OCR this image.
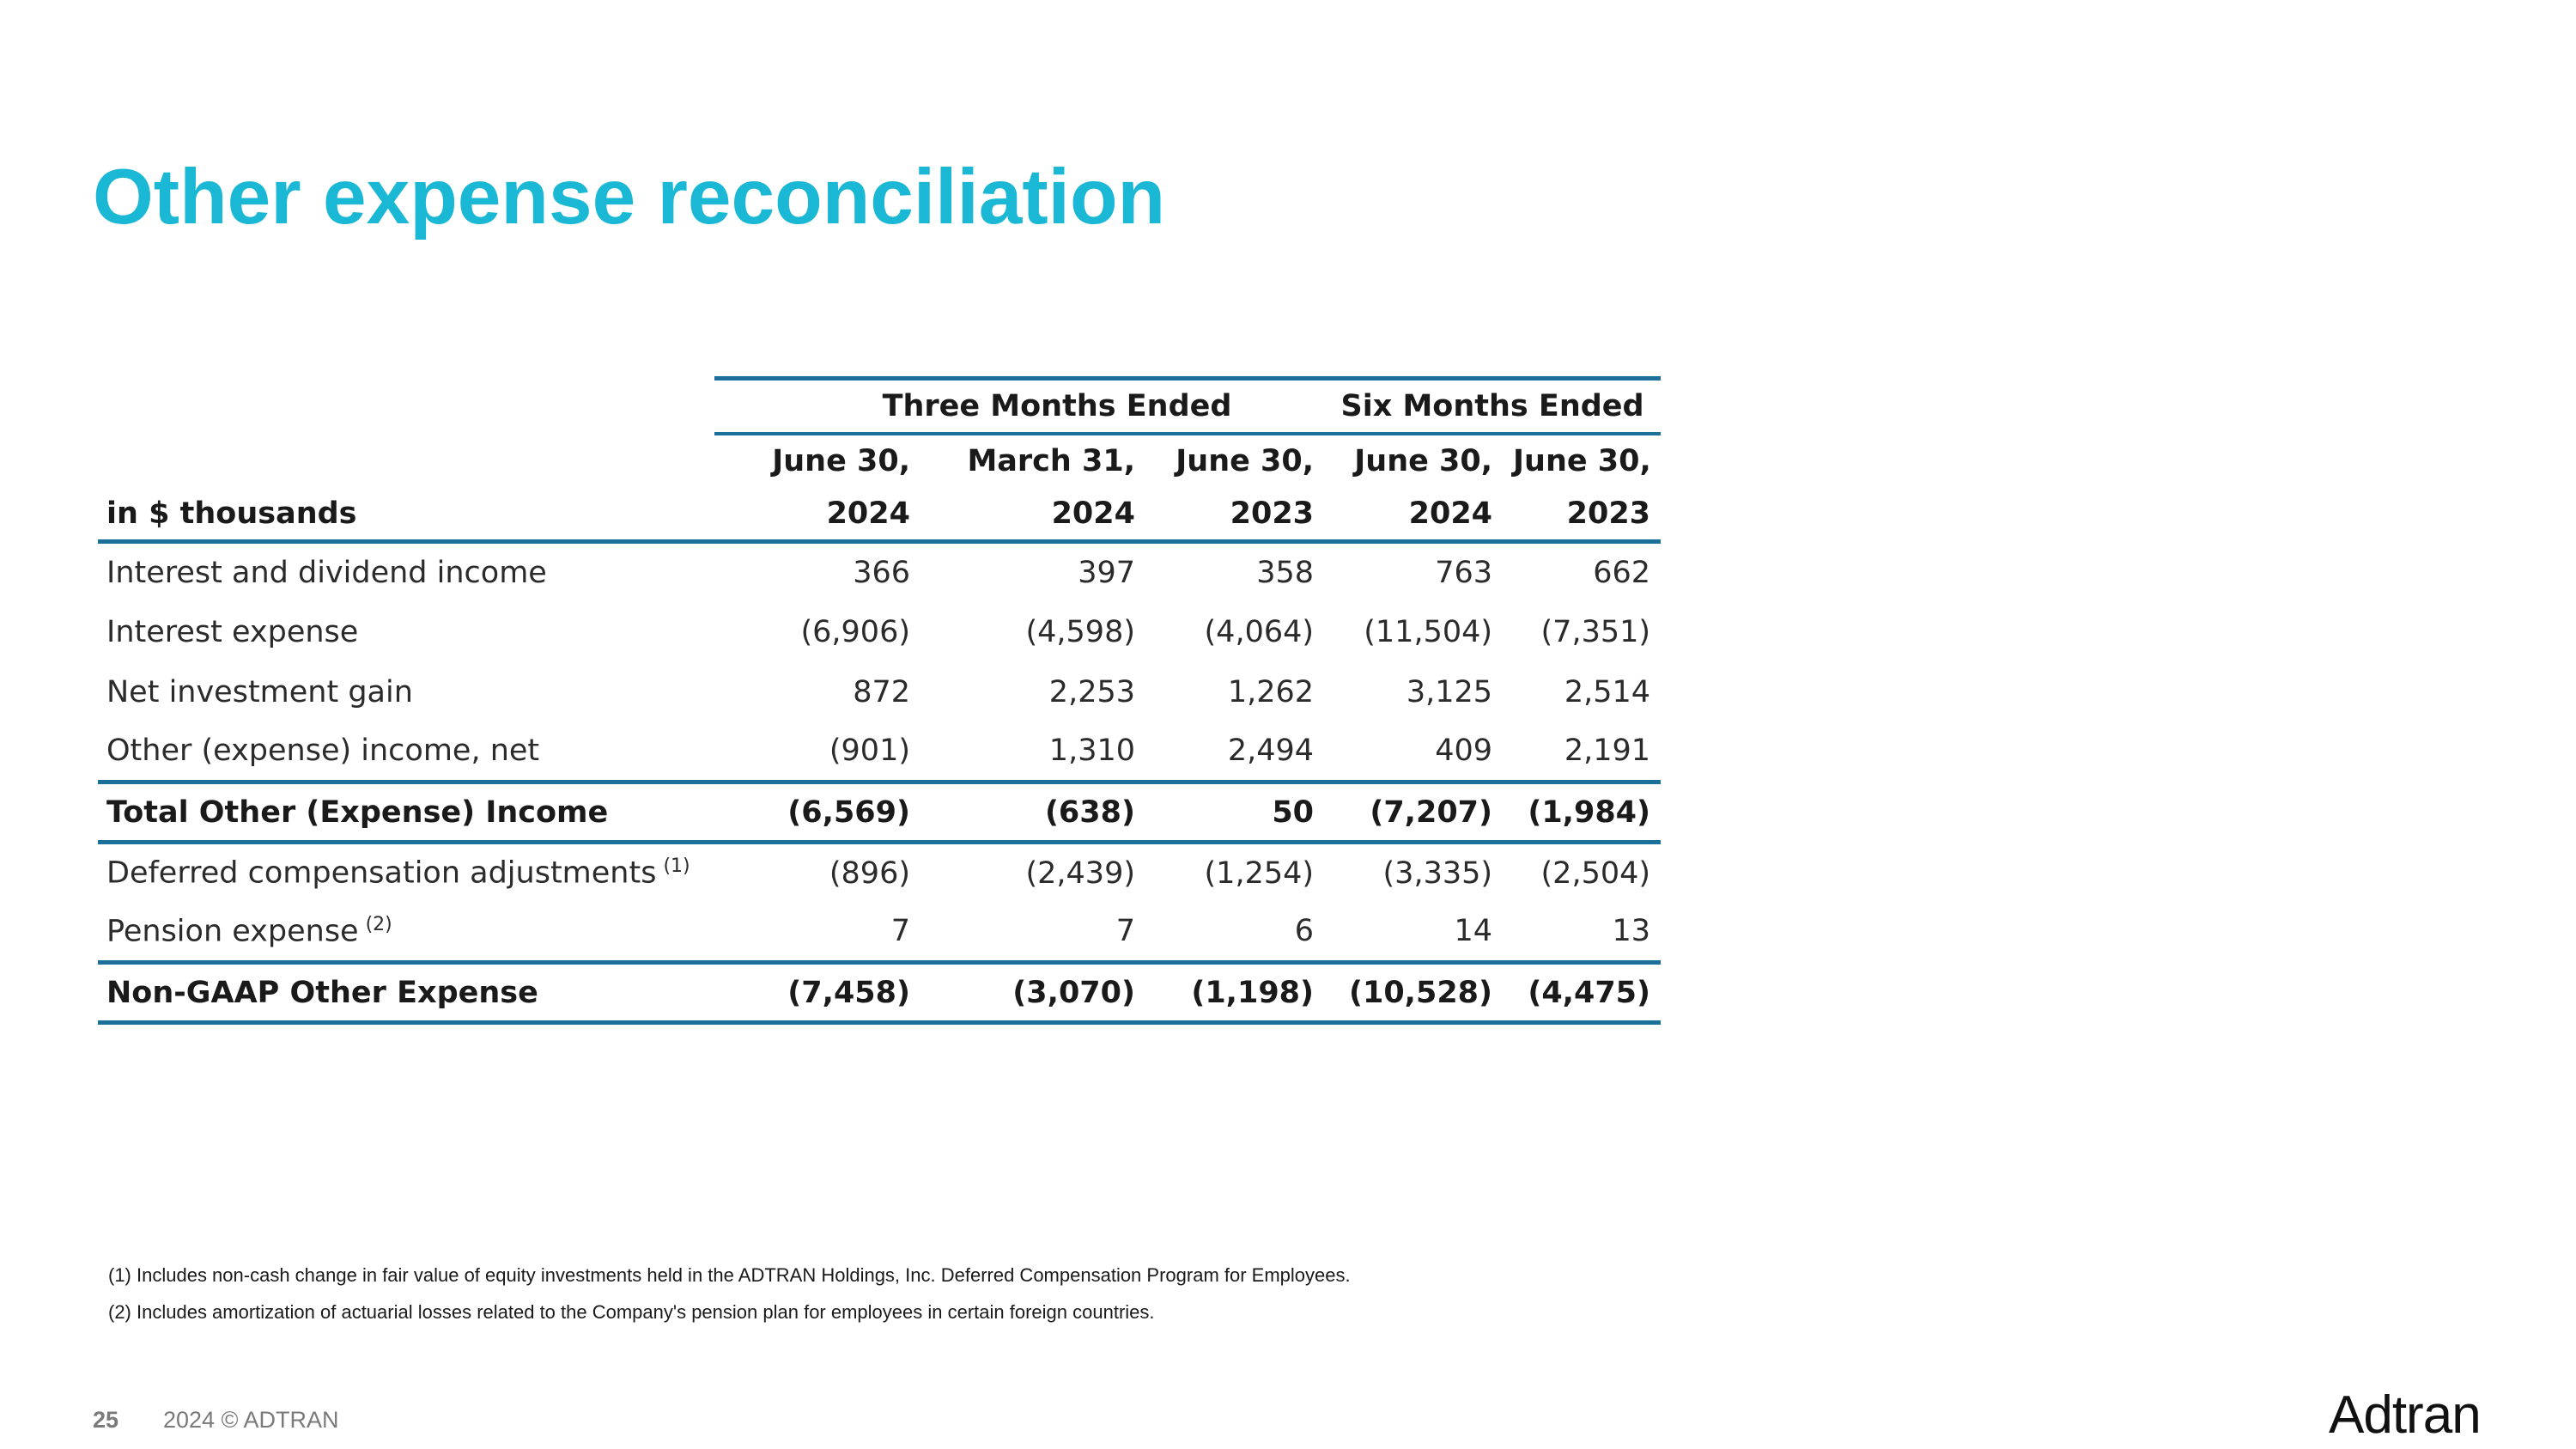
Other expense reconciliation
	Three Months Ended			Six Months Ended	
	June 30,	March 31,	June 30,	June 30,	June 30,
in $ thousands	2024	2024	2023	2024	2023
Interest and dividend income	366	397	358	763	662
Interest expense	(6,906)	(4,598)	(4,064)	(11,504)	(7,351)
Net investment gain	872	2,253	1,262	3,125	2,514
Other (expense) income, net	(901)	1,310	2,494	409	2,191
Total Other (Expense) Income	(6,569)	(638)	50	(7,207)	(1,984)
Deferred compensation adjustments $^{(1)}$	(896)	(2,439)	(1,254)	(3,335)	(2,504)
Pension expense $^{(2)}$	7	7	6	14	13
Non-GAAP Other Expense	(7,458)	(3,070)	(1,198)	(10,528)	(4,475)
(1) Includes non-cash change in fair value of equity investments held in the ADTRAN Holdings, Inc. Deferred Compensation Program for Employees.
(2) Includes amortization of actuarial losses related to the Company's pension plan for employees in certain foreign countries.
25 2024 © ADTRAN	Adtran
